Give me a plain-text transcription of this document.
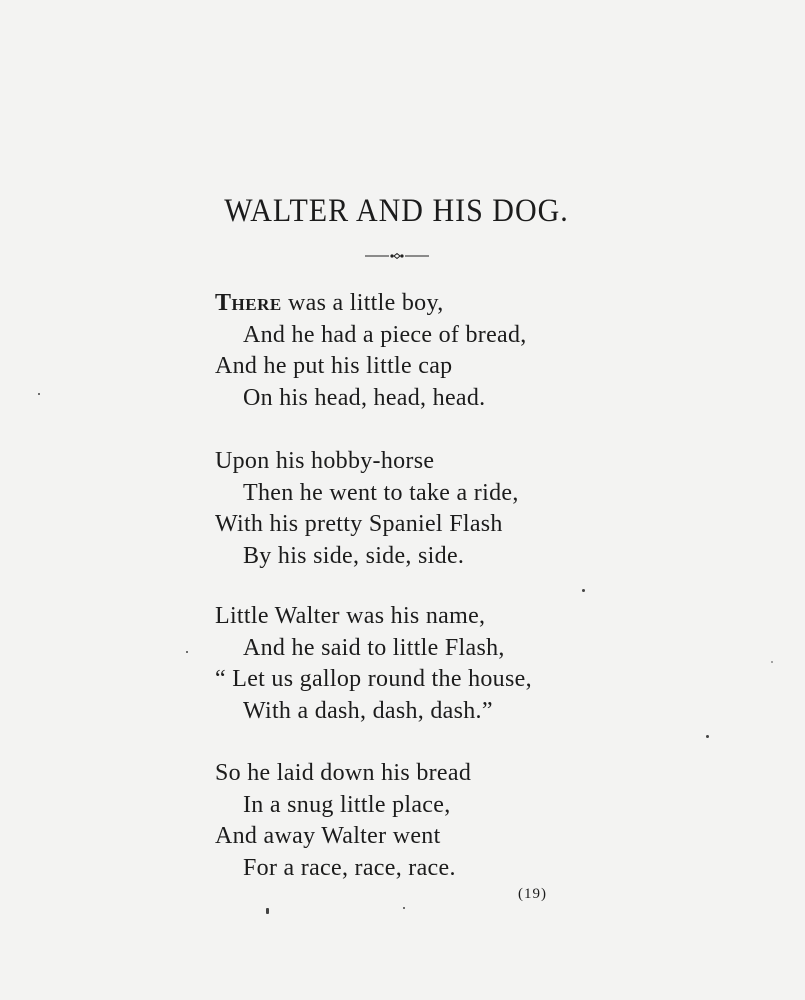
WALTER AND HIS DOG.
There was a little boy,
And he had a piece of bread,
And he put his little cap
On his head, head, head.
Upon his hobby-horse
Then he went to take a ride,
With his pretty Spaniel Flash
By his side, side, side.
Little Walter was his name,
And he said to little Flash,
“ Let us gallop round the house,
With a dash, dash, dash.”
So he laid down his bread
In a snug little place,
And away Walter went
For a race, race, race.
(19)
